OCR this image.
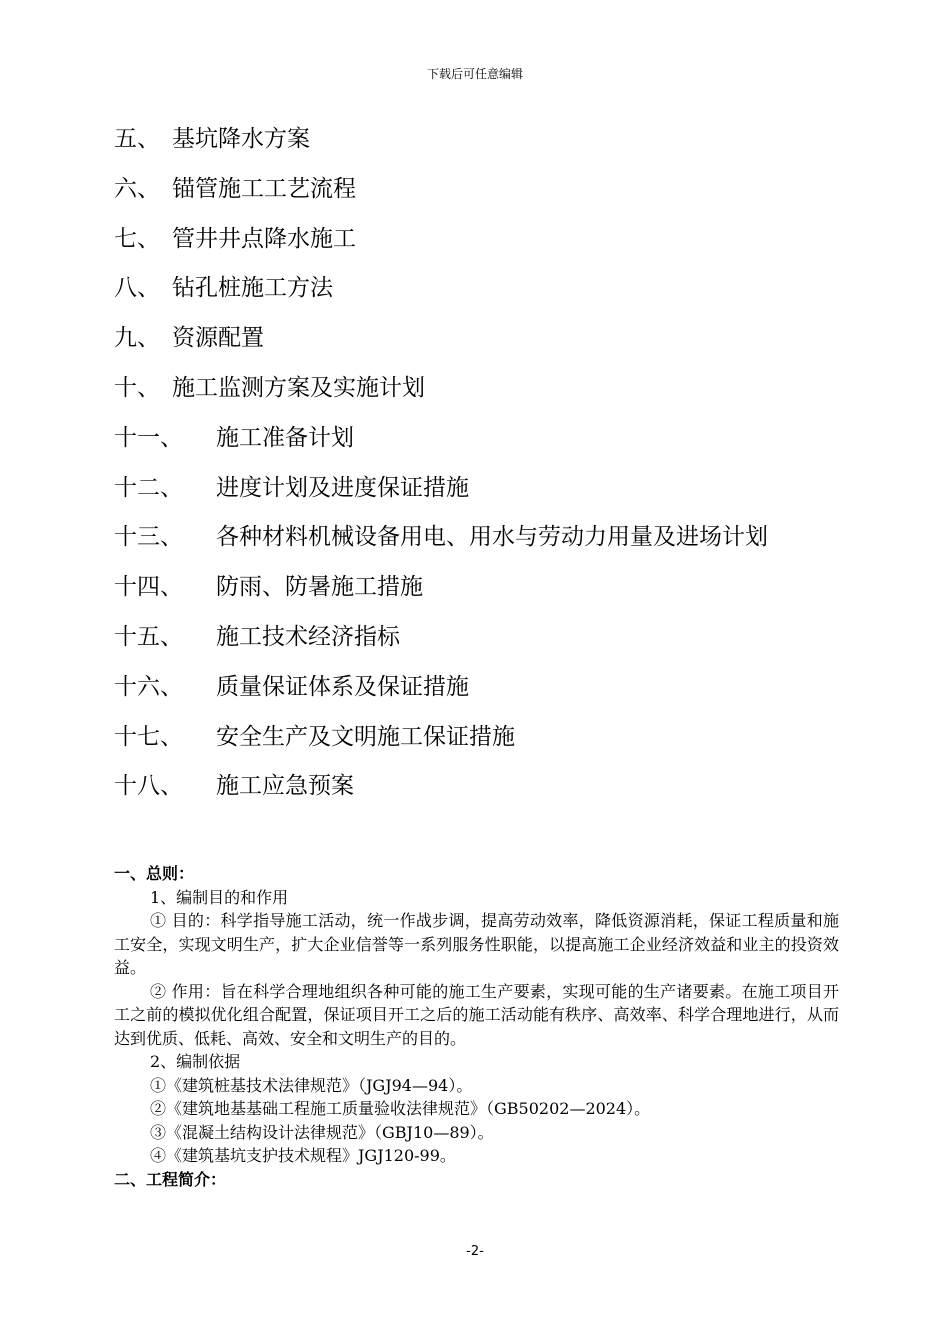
下载后可任意编辑
五、 基坑降水方案
六、 锚管施工工艺流程
七、 管井井点降水施工
八、 钻孔桩施工方法
九、 资源配置
十、 施工监测方案及实施计划
十一、	施工准备计划
十二、	进度计划及进度保证措施
十三、	各种材料机械设备用电、用水与劳动力用量及进场计划
十四、	防雨、防暑施工措施
十五、	施工技术经济指标
十六、	质量保证体系及保证措施
十七、	安全生产及文明施工保证措施
十八、	施工应急预案

一、总则：

1、编制目的和作用

① 目的：科学指导施工活动，统一作战步调，提高劳动效率，降低资源消耗，保证工程质量和施工安全，实现文明生产，扩大企业信誉等一系列服务性职能，以提高施工企业经济效益和业主的投资效益。

② 作用：旨在科学合理地组织各种可能的施工生产要素，实现可能的生产诸要素。在施工项目开工之前的模拟优化组合配置，保证项目开工之后的施工活动能有秩序、高效率、科学合理地进行，从而达到优质、低耗、高效、安全和文明生产的目的。

2、编制依据

①《建筑桩基技术法律规范》（JGJ94—94）。

②《建筑地基基础工程施工质量验收法律规范》（GB50202—2024）。

③《混凝土结构设计法律规范》（GBJ10—89）。

④《建筑基坑支护技术规程》JGJ120-99。

二、工程简介：

-2-
